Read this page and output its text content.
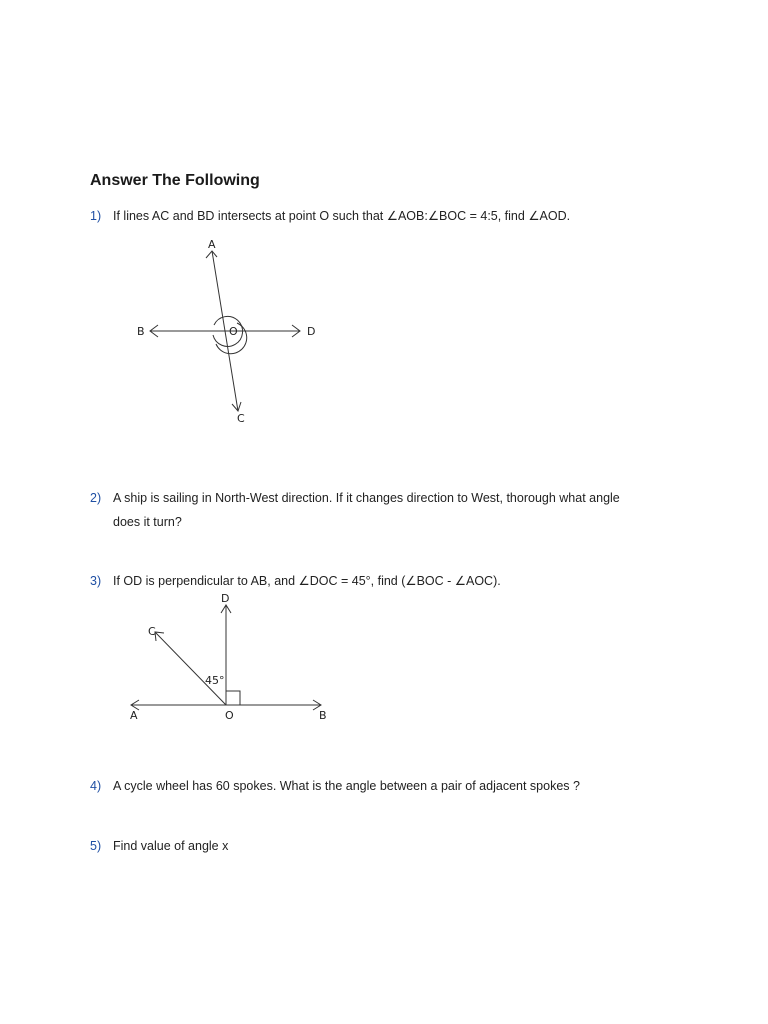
Answer The Following
1) If lines AC and BD intersects at point O such that ∠AOB:∠BOC = 4:5, find ∠AOD.
A
B
C
D
O
2) A ship is sailing in North-West direction. If it changes direction to West, thorough what angle
does it turn?
3) If OD is perpendicular to AB, and ∠DOC = 45°, find (∠BOC - ∠AOC).
D
C
45°
A	O	B
4) A cycle wheel has 60 spokes. What is the angle between a pair of adjacent spokes ?
5) Find value of angle x
